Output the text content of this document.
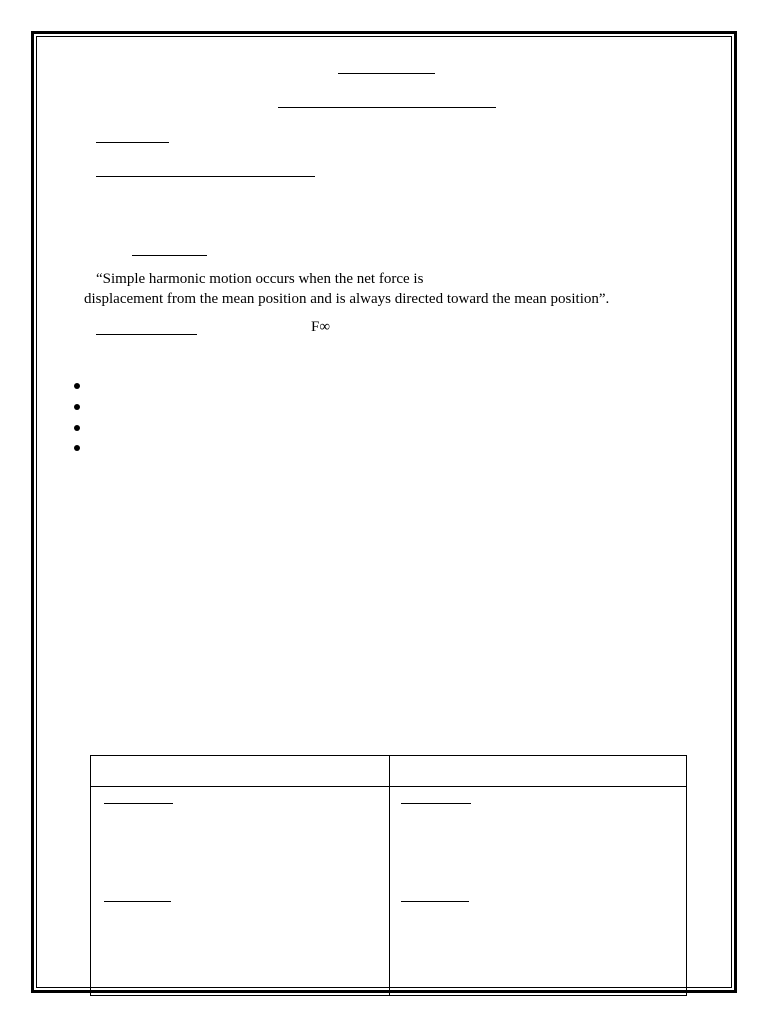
“Simple harmonic motion occurs when the net force is
displacement from the mean position and is always directed toward the mean position”.
F∞
